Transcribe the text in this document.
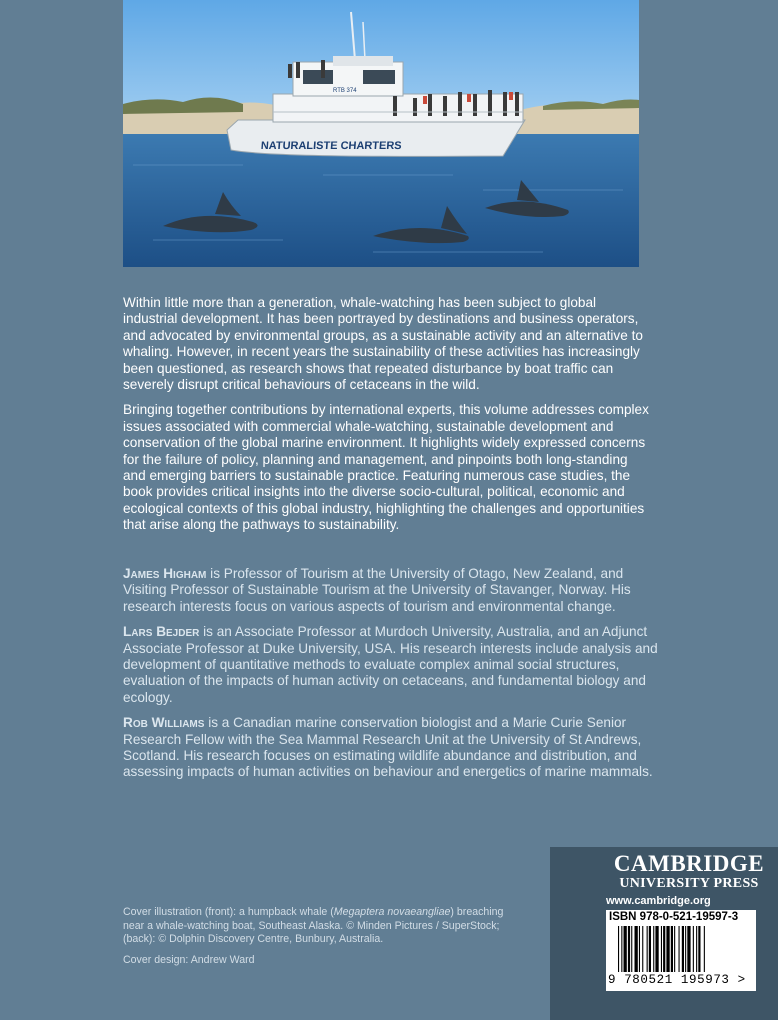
RTB 374
NATURALISTE CHARTERS

Within little more than a generation, whale-watching has been subject to global industrial development. It has been portrayed by destinations and business operators, and advocated by environmental groups, as a sustainable activity and an alternative to whaling. However, in recent years the sustainability of these activities has increasingly been questioned, as research shows that repeated disturbance by boat traffic can severely disrupt critical behaviours of cetaceans in the wild.

Bringing together contributions by international experts, this volume addresses complex issues associated with commercial whale-watching, sustainable development and conservation of the global marine environment. It highlights widely expressed concerns for the failure of policy, planning and management, and pinpoints both long-standing and emerging barriers to sustainable practice. Featuring numerous case studies, the book provides critical insights into the diverse socio-cultural, political, economic and ecological contexts of this global industry, highlighting the challenges and opportunities that arise along the pathways to sustainability.

James Higham is Professor of Tourism at the University of Otago, New Zealand, and Visiting Professor of Sustainable Tourism at the University of Stavanger, Norway. His research interests focus on various aspects of tourism and environmental change.

Lars Bejder is an Associate Professor at Murdoch University, Australia, and an Adjunct Associate Professor at Duke University, USA. His research interests include analysis and development of quantitative methods to evaluate complex animal social structures, evaluation of the impacts of human activity on cetaceans, and fundamental biology and ecology.

Rob Williams is a Canadian marine conservation biologist and a Marie Curie Senior Research Fellow with the Sea Mammal Research Unit at the University of St Andrews, Scotland. His research focuses on estimating wildlife abundance and distribution, and assessing impacts of human activities on behaviour and energetics of marine mammals.

Cover illustration (front): a humpback whale (Megaptera novaeangliae) breaching near a whale-watching boat, Southeast Alaska. © Minden Pictures / SuperStock; (back): © Dolphin Discovery Centre, Bunbury, Australia.

Cover design: Andrew Ward

CAMBRIDGE
UNIVERSITY PRESS
www.cambridge.org
ISBN 978-0-521-19597-3
9 780521 195973 >
